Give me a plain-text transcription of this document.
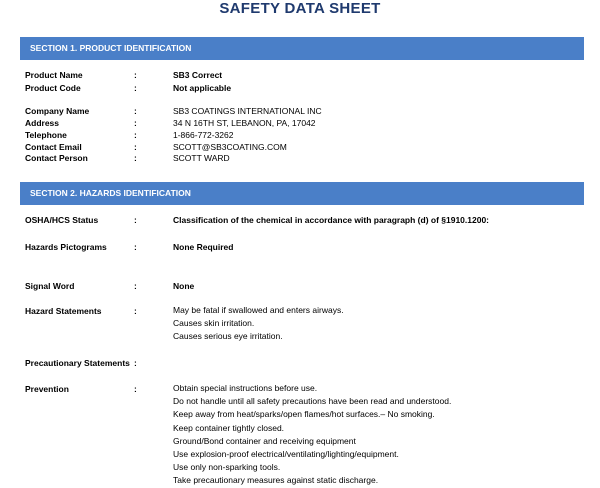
SAFETY DATA SHEET
SECTION 1. PRODUCT IDENTIFICATION
Product Name	:	SB3 Correct
Product Code	:	Not applicable
Company Name	:	SB3 COATINGS INTERNATIONAL INC
Address	:	34 N 16TH ST, LEBANON, PA, 17042
Telephone	:	1-866-772-3262
Contact Email	:	SCOTT@SB3COATING.COM
Contact Person	:	SCOTT WARD
SECTION 2. HAZARDS IDENTIFICATION
OSHA/HCS Status	:	Classification of the chemical in accordance with paragraph (d) of §1910.1200:
Hazards Pictograms	:	None Required
Signal Word	:	None
Hazard Statements	:	May be fatal if swallowed and enters airways.
Causes skin irritation.
Causes serious eye irritation.
Precautionary Statements :
Prevention	:	Obtain special instructions before use.
Do not handle until all safety precautions have been read and understood.
Keep away from heat/sparks/open flames/hot surfaces.– No smoking.
Keep container tightly closed.
Ground/Bond container and receiving equipment
Use explosion-proof electrical/ventilating/lighting/equipment.
Use only non-sparking tools.
Take precautionary measures against static discharge.
